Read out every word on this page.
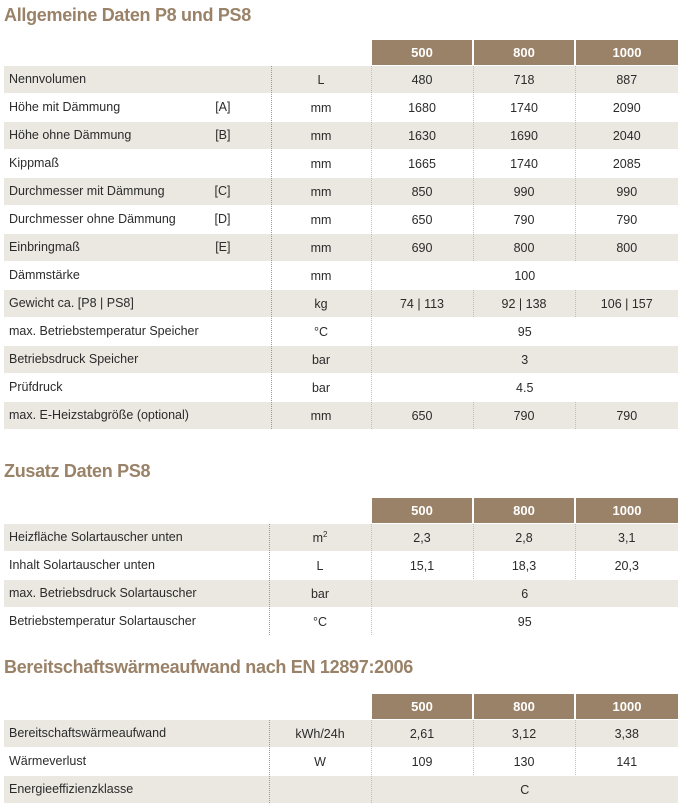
Allgemeine Daten P8 und PS8
		500	800	1000
Nennvolumen	L	480	718	887
Höhe mit Dämmung [A]	mm	1680	1740	2090
Höhe ohne Dämmung [B]	mm	1630	1690	2040
Kippmaß	mm	1665	1740	2085
Durchmesser mit Dämmung [C]	mm	850	990	990
Durchmesser ohne Dämmung [D]	mm	650	790	790
Einbringmaß [E]	mm	690	800	800
Dämmstärke	mm	100		
Gewicht ca. [P8 | PS8]	kg	74 | 113	92 | 138	106 | 157
max. Betriebstemperatur Speicher	°C	95		
Betriebsdruck Speicher	bar	3		
Prüfdruck	bar	4.5		
max. E-Heizstabgröße (optional)	mm	650	790	790
Zusatz Daten PS8
		500	800	1000
Heizfläche Solartauscher unten	$m^2$	2,3	2,8	3,1
Inhalt Solartauscher unten	L	15,1	18,3	20,3
max. Betriebsdruck Solartauscher	bar	6		
Betriebstemperatur Solartauscher	°C	95		
Bereitschaftswärmeaufwand nach EN 12897:2006
		500	800	1000
Bereitschaftswärmeaufwand	kWh/24h	2,61	3,12	3,38
Wärmeverlust	W	109	130	141
Energieeffizienzklasse		C		
